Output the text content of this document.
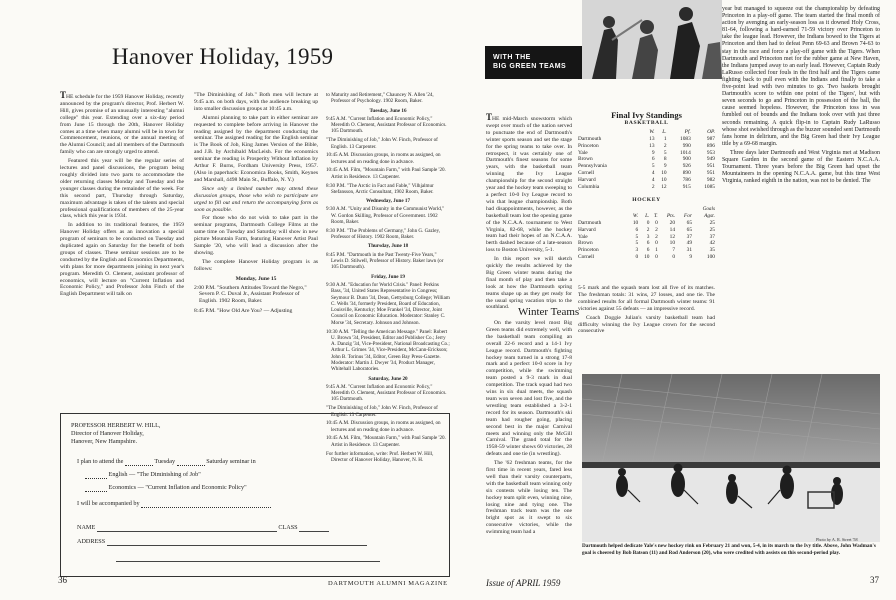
Hanover Holiday, 1959

THE schedule for the 1959 Hanover Holiday, recently announced by the program's director, Prof. Herbert W. Hill, gives promise of an unusually interesting "alumni college" this year. Extending over a six-day period from June 15 through the 20th, Hanover Holiday comes at a time when many alumni will be in town for Commencement, reunions, or the annual meeting of the Alumni Council; and all members of the Dartmouth family who can are strongly urged to attend.

Featured this year will be the regular series of lectures and panel discussions, the program being roughly divided into two parts to accommodate the older returning classes Monday and Tuesday and the younger classes during the remainder of the week. For this second part, Thursday through Saturday, maximum advantage is taken of the talents and special professional qualifications of members of the 25-year class, which this year is 1934.

In addition to its traditional features, the 1959 Hanover Holiday offers as an innovation a special program of seminars to be conducted on Tuesday and duplicated again on Saturday for the benefit of both groups of classes. These seminar sessions are to be conducted by the English and Economics Departments, with plans for more departments joining in next year's program. Meredith O. Clement, assistant professor of economics, will lecture on "Current Inflation and Economic Policy," and Professor John Finch of the English Department will talk on

"The Diminishing of Job." Both men will lecture at 9:45 a.m. on both days, with the audience breaking up into smaller discussion groups at 10:45 a.m.

Alumni planning to take part in either seminar are requested to complete before arriving in Hanover the reading assigned by the department conducting the seminar. The assigned reading for the English seminar is The Book of Job, King James Version of the Bible, and J.B. by Archibald MacLeish. For the economics seminar the reading is Prosperity Without Inflation by Arthur F. Burns, Fordham University Press, 1957. (Also in paperback: Economica Books, Smith, Keynes and Marshall, 4498 Main St., Buffalo, N. Y.)

Since only a limited number may attend these discussion groups, those who wish to participate are urged to fill out and return the accompanying form as soon as possible.

For those who do not wish to take part in the seminar programs, Dartmouth College Films at the same time on Tuesday and Saturday will show in new picture Mountain Farm, featuring Hanover Artist Paul Sample '20, who will lead a discussion after the showing.

The complete Hanover Holiday program is as follows:

Monday, June 15
2:00 P.M. "Southern Attitudes Toward the Negro," Severn P. C. Duval Jr., Assistant Professor of English. 1902 Room, Baker.
8:45 P.M. "How Old Are You? — Adjusting
to Maturity and Retirement," Chauncey N. Allen '24, Professor of Psychology. 1902 Room, Baker.
Tuesday, June 16
9:45 A.M. "Current Inflation and Economic Policy," Meredith O. Clement, Assistant Professor of Economics. 105 Dartmouth.
"The Diminishing of Job," John W. Finch, Professor of English. 13 Carpenter.
10:45 A.M. Discussion groups, in rooms as assigned, on lectures and on reading done in advance.
10:45 A.M. Film, "Mountain Farm," with Paul Sample '20. Artist in Residence. 13 Carpenter.
8:30 P.M. "The Arctic in Fact and Fable," Vilhjalmur Stefansson, Arctic Consultant, 1902 Room, Baker.
Wednesday, June 17
9:30 A.M. "Unity and Disunity in the Communist World," W. Gordon Skilling, Professor of Government. 1902 Room, Baker.
8:30 P.M. "The Problems of Germany," John G. Gazley, Professor of History. 1902 Room, Baker.
Thursday, June 18
8:45 P.M. "Dartmouth in the Past Twenty-Five Years," Lewis D. Stilwell, Professor of History. Baker lawn (or 105 Dartmouth).
Friday, June 19
9:30 A.M. "Education for World Crisis." Panel: Perkins Bass, '34, United States Representative in Congress; Seymour B. Dunn '34, Dean, Gettysburg College; William C. Wells '34, formerly President, Board of Education, Louisville, Kentucky; Moe Frankel '34, Director, Joint Council on Economic Education. Moderator: Stanley C. Morse '34, Secretary. Johnson and Johnson.
10:30 A.M. "Telling the American Message." Panel: Robert U. Brown '34, President, Editor and Publisher Co.; Jerry A. Danzig '34, Vice-President, National Broadcasting Co.; Arthur L. Grimes '34, Vice-President, McCann-Erickson; John B. Torinus '34, Editor, Green Bay Press-Gazette. Moderator: Martin J. Dwyer '34, Product Manager, Whitehall Laboratories.
Saturday, June 20
9:45 A.M. "Current Inflation and Economic Policy," Meredith O. Clement, Assistant Professor of Economics. 105 Dartmouth.
"The Diminishing of Job," John W. Finch, Professor of English. 13 Carpenter.
10:45 A.M. Discussion groups, in rooms as assigned, on lectures and on reading done in advance.
10:45 A.M. Film, "Mountain Farm," with Paul Sample '20. Artist in Residence. 13 Carpenter.
For further information, write: Prof. Herbert W. Hill, Director of Hanover Holiday, Hanover, N. H.
PROFESSOR HERBERT W. HILL,
Director of Hanover Holiday,
Hanover, New Hampshire.
I plan to attend the	Tuesday	Saturday seminar in
English — "The Diminishing of Job"
Economics — "Current Inflation and Economic Policy"
I will be accompanied by
NAME	CLASS
ADDRESS
36	DARTMOUTH ALUMNI MAGAZINE
WITH THE
BIG GREEN TEAMS

THE mid-March snowstorm which swept over much of the nation served to punctuate the end of Dartmouth's winter sports season and set the stage for the spring teams to take over. In retrospect, it was certainly one of Dartmouth's finest seasons for some years, with the basketball team winning the Ivy League championship for the second straight year and the hockey team sweeping to a perfect 10-0 Ivy League record to win that league championship. Both had disappointments, however, as the basketball team lost the opening game of the N.C.A.A. tournament to West Virginia, 82-68, while the hockey team had their hopes of an N.C.A.A. berth dashed because of a late-season loss to Boston University, 5-1.

In this report we will sketch quickly the results achieved by the Big Green winter teams during the final month of play and then take a look at how the Dartmouth spring teams shape up as they get ready for the usual spring vacation trips to the southland. Winter Teams

On the varsity level most Big Green teams did extremely well, with the basketball team compiling an overall 22-6 record and a 14-1 Ivy League record. Dartmouth's fighting hockey team turned in a strong 17-8 mark and a perfect 10-0 score in Ivy competition, while the swimming team posted a 9-3 mark in dual competition. The track squad had two wins in six dual meets, the squash team won seven and lost five, and the wrestling team established a 3-2-1 record for its season. Dartmouth's ski team had rougher going, placing second best in the major Carnival meets and winning only the McGill Carnival. The grand total for the 1958-59 winter shows 60 victories, 28 defeats and one tie (in wrestling).

The '62 freshman teams, for the first time in recent years, fared less well than their varsity counterparts, with the basketball team winning only six contests while losing ten. The hockey team split even, winning nine, losing nine and tying one. The freshman track team was the one bright spot as it swept to six consecutive victories, while the swimming team had a

Final Ivy Standings
BASKETBALL
	W.	L.	Pf.	OP.
Dartmouth	13	1	1083	987
Princeton	13	2	990	896
Yale	9	5	1014	953
Brown	6	8	900	949
Pennsylvania	5	9	926	951
Cornell	4	10	890	951
Harvard	4	10	786	982
Columbia	2	12	915	1085
HOCKEY
Goals
	W.	L.	T.	Pts.	For	Agst.
Dartmouth	10	0	0	20	65	25
Harvard	6	2	2	14	65	25
Yale	5	3	2	12	37	37
Brown	5	6	0	10	49	42
Princeton	3	6	1	7	31	35
Cornell	0	10	0	0	9	100

5-5 mark and the squash team lost all five of its matches. The freshman totals: 31 wins, 27 losses, and one tie. The combined results for all formal Dartmouth winter teams: 91 victories against 55 defeats — an impressive record.

Coach Doggie Julian's varsity basketball team had difficulty winning the Ivy League crown for the second consecutive

year but managed to squeeze out the championship by defeating Princeton in a play-off game. The team started the final month of action by avenging an early-season loss as it downed Holy Cross, 81-64, following a hard-earned 71-59 victory over Princeton to take the league lead. However, the Indians bowed to the Tigers at Princeton and then had to defeat Penn 69-63 and Brown 74-63 to stay in the race and force a play-off game with the Tigers. When Dartmouth and Princeton met for the rubber game at New Haven, the Indians jumped away to an early lead. However, Captain Rudy LaRusso collected four fouls in the first half and the Tigers came fighting back to pull even with the Indians and finally to take a five-point lead with two minutes to go. Two baskets brought Dartmouth's score to within one point of the Tigers', but with seven seconds to go and Princeton in possession of the ball, the cause seemed hopeless. However, the Princeton toss in was fumbled out of bounds and the Indians took over with just three seconds remaining. A quick flip-in to Captain Rudy LaRusso whose shot swished through as the buzzer sounded sent Dartmouth fans home in delirium, and the Big Green had their Ivy League title by a 69-68 margin.

Three days later Dartmouth and West Virginia met at Madison Square Garden in the second game of the Eastern N.C.A.A. Tournament. Three years before the Big Green had upset the Mountaineers in the opening N.C.A.A. game, but this time West Virginia, ranked eighth in the nation, was not to be denied. The

Photo by A. R. Street '58
Dartmouth helped dedicate Yale's new hockey rink on February 21 and won, 5-4, in its march to the Ivy title. Above, John Wadman's goal is cheered by Bob Batson (11) and Rod Anderson (20), who were credited with assists on this second-period play.
Issue of APRIL 1959	37
